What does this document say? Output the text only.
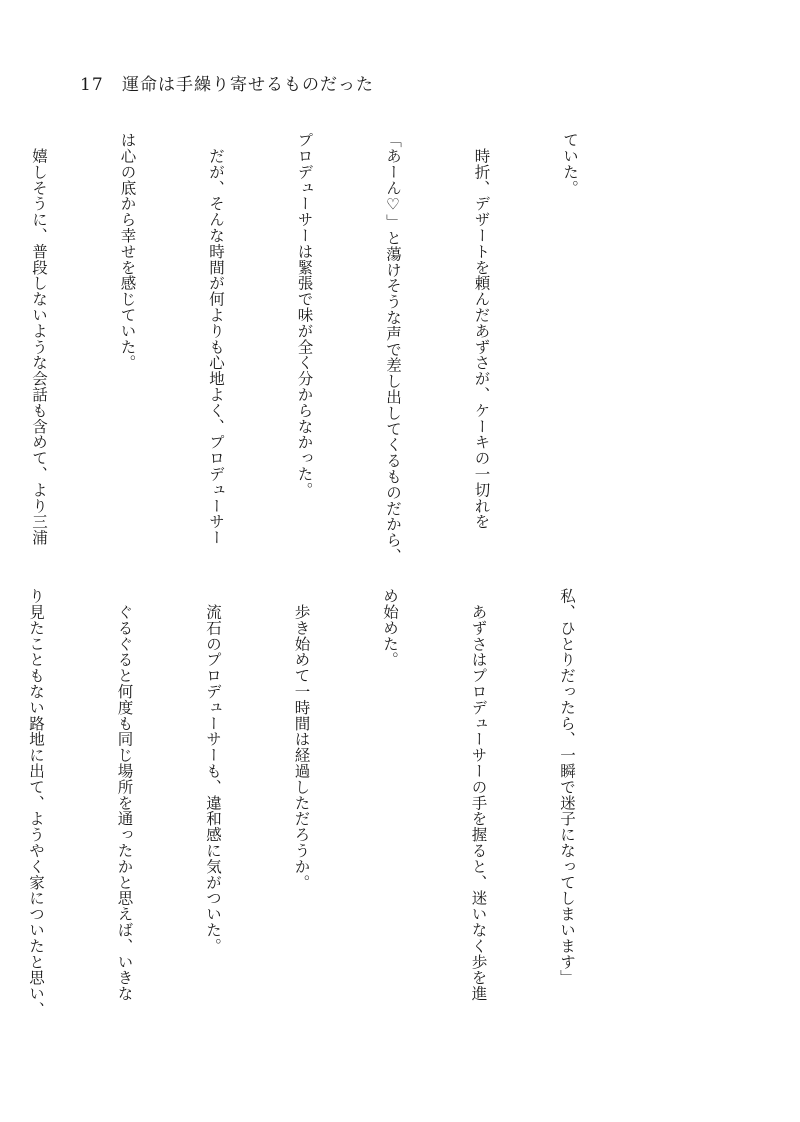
17 運命は手繰り寄せるものだった

ていた。

　時折、デザートを頼んだあずさが、ケーキの一切れを

「あーん♡」と蕩けそうな声で差し出してくるものだから、

プロデューサーは緊張で味が全く分からなかった。

　だが、そんな時間が何よりも心地よく、プロデューサー

は心の底から幸せを感じていた。

　嬉しそうに、普段しないような会話も含めて、より三浦

私、ひとりだったら、一瞬で迷子になってしまいます」

　あずさはプロデューサーの手を握ると、迷いなく歩を進

め始めた。

　歩き始めて一時間は経過しただろうか。

　流石のプロデューサーも、違和感に気がついた。

　ぐるぐると何度も同じ場所を通ったかと思えば、いきな

り見たこともない路地に出て、ようやく家についたと思い、
